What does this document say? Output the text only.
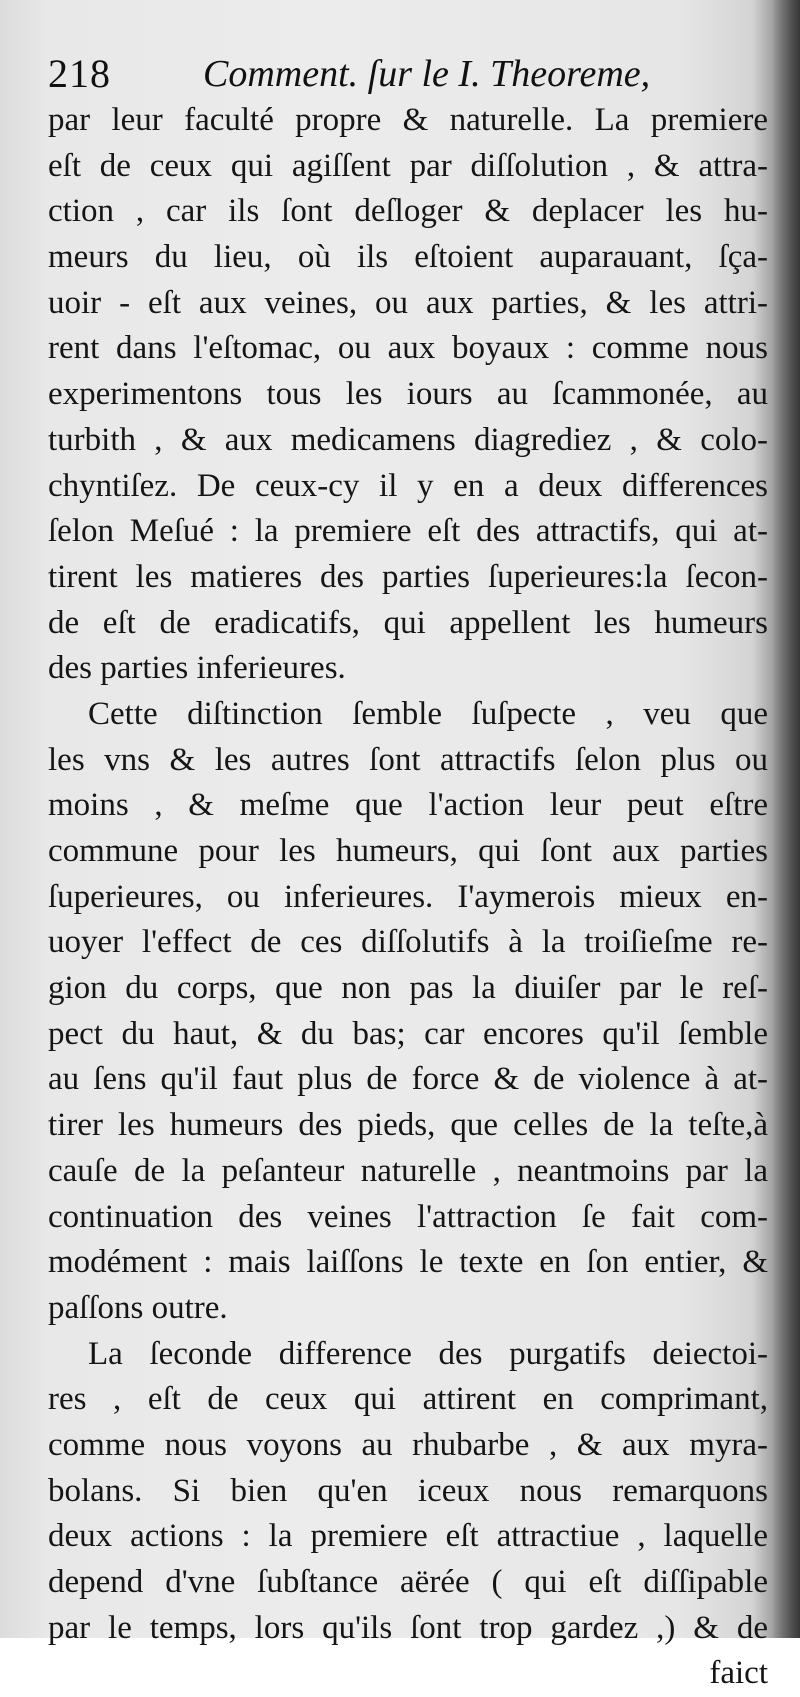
218 Comment. ſur le I. Theoreme,
par leur faculté propre & naturelle. La premiere
eſt de ceux qui agiſſent par diſſolution , & attra-
ction , car ils ſont deſloger & deplacer les hu-
meurs du lieu, où ils eſtoient auparauant, ſça-
uoir - eſt aux veines, ou aux parties, & les attri-
rent dans l'eſtomac, ou aux boyaux : comme nous
experimentons tous les iours au ſcammonée, au
turbith , & aux medicamens diagrediez , & colo-
chyntiſez. De ceux-cy il y en a deux differences
ſelon Meſué : la premiere eſt des attractifs, qui at-
tirent les matieres des parties ſuperieures:la ſecon-
de eſt de eradicatifs, qui appellent les humeurs
des parties inferieures.
Cette diſtinction ſemble ſuſpecte , veu que
les vns & les autres ſont attractifs ſelon plus ou
moins , & meſme que l'action leur peut eſtre
commune pour les humeurs, qui ſont aux parties
ſuperieures, ou inferieures. I'aymerois mieux en-
uoyer l'effect de ces diſſolutifs à la troiſieſme re-
gion du corps, que non pas la diuiſer par le reſ-
pect du haut, & du bas; car encores qu'il ſemble
au ſens qu'il faut plus de force & de violence à at-
tirer les humeurs des pieds, que celles de la teſte,à
cauſe de la peſanteur naturelle , neantmoins par la
continuation des veines l'attraction ſe fait com-
modément : mais laiſſons le texte en ſon entier, &
paſſons outre.
La ſeconde difference des purgatifs deiectoi-
res , eſt de ceux qui attirent en comprimant,
comme nous voyons au rhubarbe , & aux myra-
bolans. Si bien qu'en iceux nous remarquons
deux actions : la premiere eſt attractiue , laquelle
depend d'vne ſubſtance aërée ( qui eſt diſſipable
par le temps, lors qu'ils ſont trop gardez ,) & de
faict
